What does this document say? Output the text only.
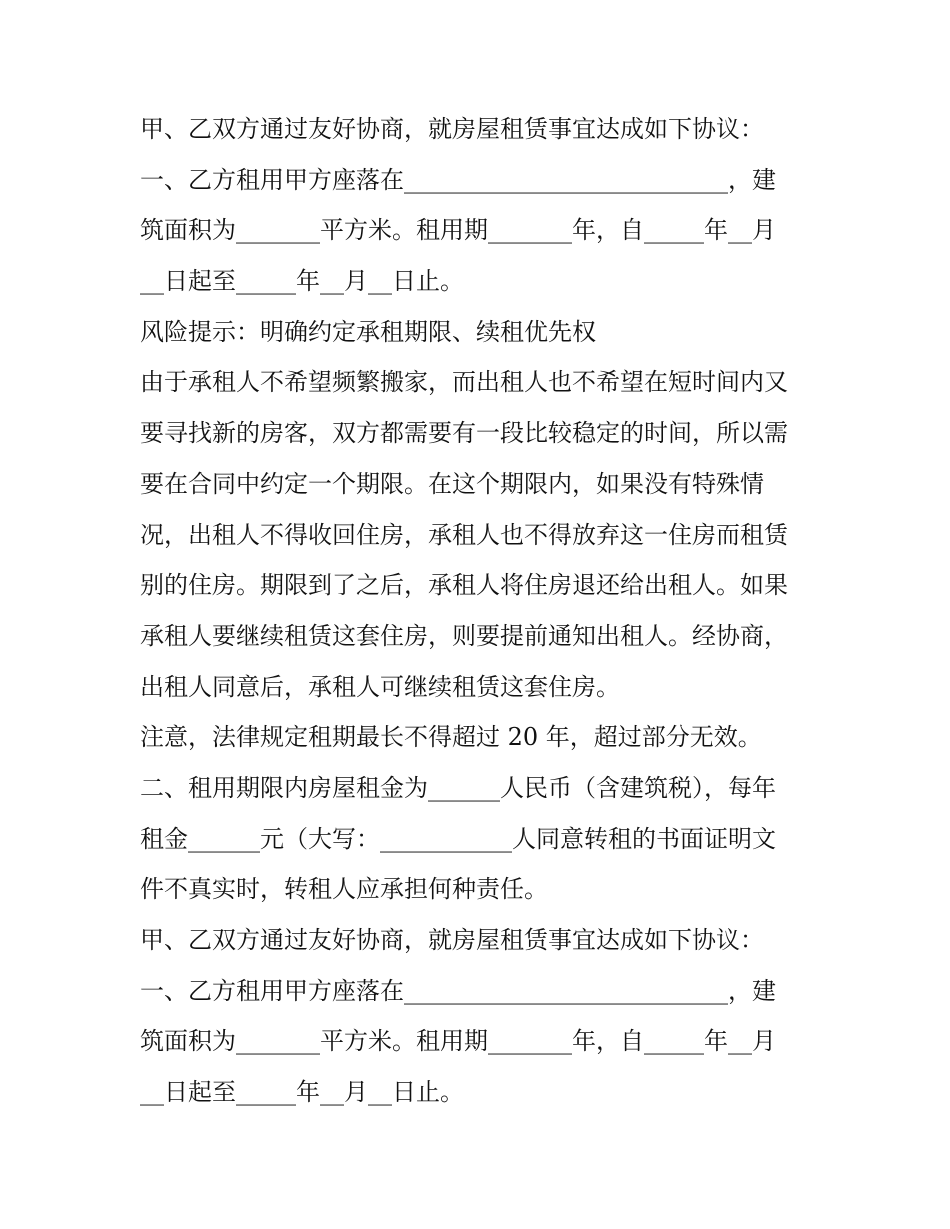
甲、乙双方通过友好协商，就房屋租赁事宜达成如下协议：
一、乙方租用甲方座落在___________________________，建
筑面积为_______平方米。租用期_______年，自_____年__月
__日起至_____年__月__日止。
风险提示：明确约定承租期限、续租优先权
由于承租人不希望频繁搬家，而出租人也不希望在短时间内又
要寻找新的房客，双方都需要有一段比较稳定的时间，所以需
要在合同中约定一个期限。在这个期限内，如果没有特殊情
况，出租人不得收回住房，承租人也不得放弃这一住房而租赁
别的住房。期限到了之后，承租人将住房退还给出租人。如果
承租人要继续租赁这套住房，则要提前通知出租人。经协商，
出租人同意后，承租人可继续租赁这套住房。
注意，法律规定租期最长不得超过 20 年，超过部分无效。
二、租用期限内房屋租金为______人民币（含建筑税），每年
租金______元（大写：___________人同意转租的书面证明文
件不真实时，转租人应承担何种责任。
甲、乙双方通过友好协商，就房屋租赁事宜达成如下协议：
一、乙方租用甲方座落在___________________________，建
筑面积为_______平方米。租用期_______年，自_____年__月
__日起至_____年__月__日止。
